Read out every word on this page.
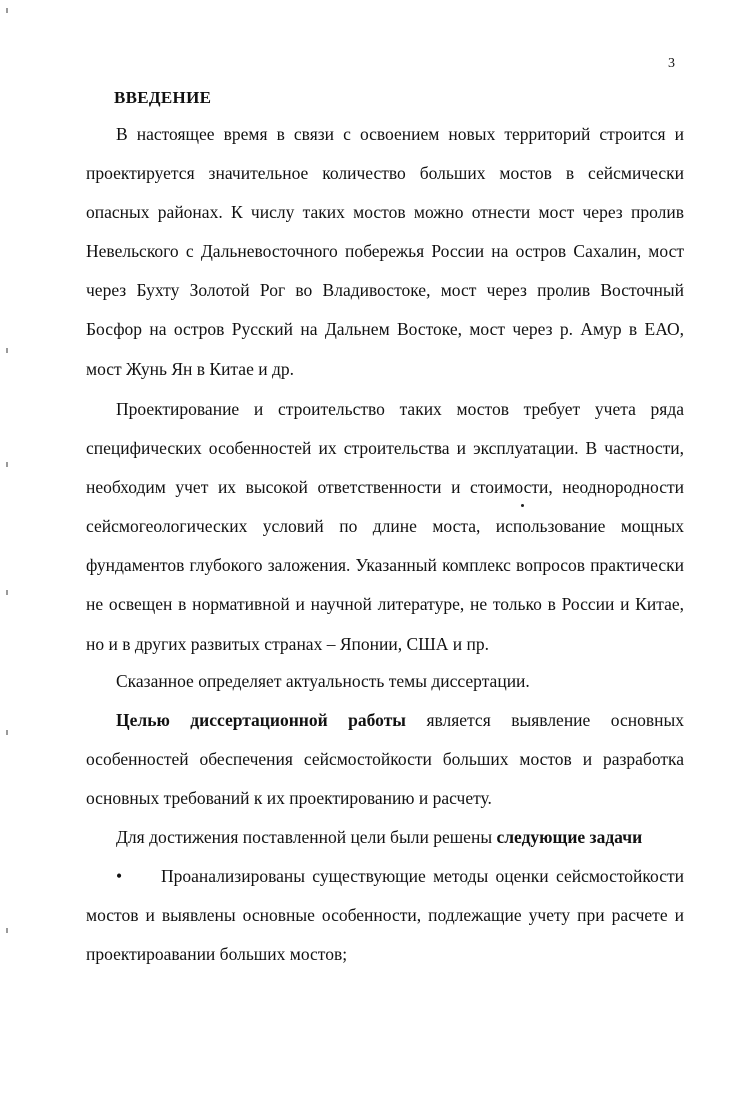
3
ВВЕДЕНИЕ
В настоящее время в связи с освоением новых территорий строится и
проектируется значительное количество больших мостов в сейсмически
опасных районах. К числу таких мостов можно отнести мост через пролив
Невельского с Дальневосточного побережья России на остров Сахалин, мост
через Бухту Золотой Рог во Владивостоке, мост через пролив Восточный
Босфор на остров Русский на Дальнем Востоке, мост через р. Амур в ЕАО,
мост Жунь Ян в Китае и др.
Проектирование и строительство таких мостов требует учета ряда
специфических особенностей их строительства и эксплуатации. В частности,
необходим учет их высокой ответственности и стоимости, неоднородности
сейсмогеологических условий по длине моста, использование мощных
фундаментов глубокого заложения. Указанный комплекс вопросов практически
не освещен в нормативной и научной литературе, не только в России и Китае,
но и в других развитых странах – Японии, США и пр.
Сказанное определяет актуальность темы диссертации.
Целью диссертационной работы является выявление основных
особенностей обеспечения сейсмостойкости больших мостов и разработка
основных требований к их проектированию и расчету.
Для достижения поставленной цели были решены следующие задачи
• Проанализированы существующие методы оценки сейсмостойкости
мостов и выявлены основные особенности, подлежащие учету при расчете и
проектироавании больших мостов;
